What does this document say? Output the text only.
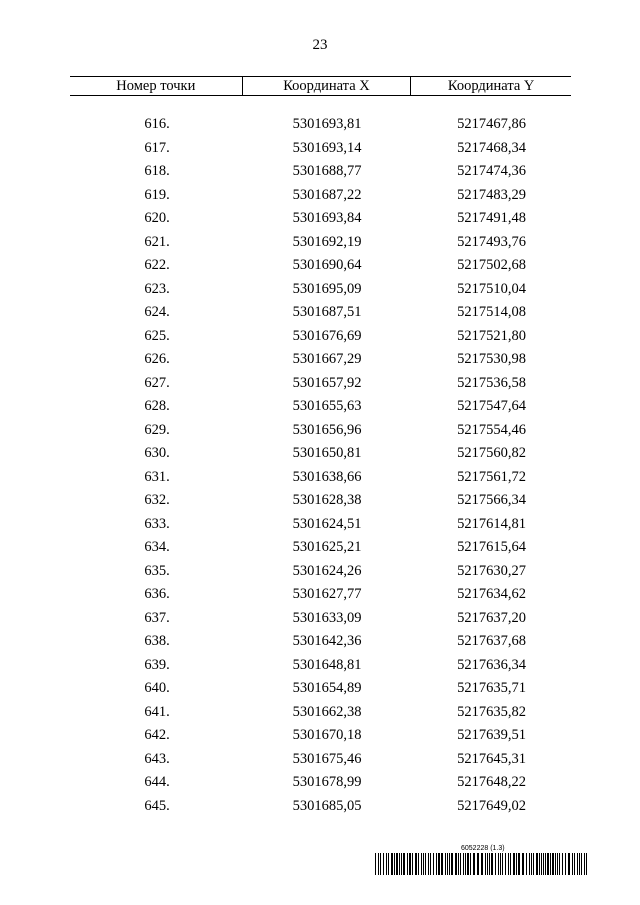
23
Номер точки	Координата X	Координата Y
616.	5301693,81	5217467,86
617.	5301693,14	5217468,34
618.	5301688,77	5217474,36
619.	5301687,22	5217483,29
620.	5301693,84	5217491,48
621.	5301692,19	5217493,76
622.	5301690,64	5217502,68
623.	5301695,09	5217510,04
624.	5301687,51	5217514,08
625.	5301676,69	5217521,80
626.	5301667,29	5217530,98
627.	5301657,92	5217536,58
628.	5301655,63	5217547,64
629.	5301656,96	5217554,46
630.	5301650,81	5217560,82
631.	5301638,66	5217561,72
632.	5301628,38	5217566,34
633.	5301624,51	5217614,81
634.	5301625,21	5217615,64
635.	5301624,26	5217630,27
636.	5301627,77	5217634,62
637.	5301633,09	5217637,20
638.	5301642,36	5217637,68
639.	5301648,81	5217636,34
640.	5301654,89	5217635,71
641.	5301662,38	5217635,82
642.	5301670,18	5217639,51
643.	5301675,46	5217645,31
644.	5301678,99	5217648,22
645.	5301685,05	5217649,02
6052228 (1.3)
